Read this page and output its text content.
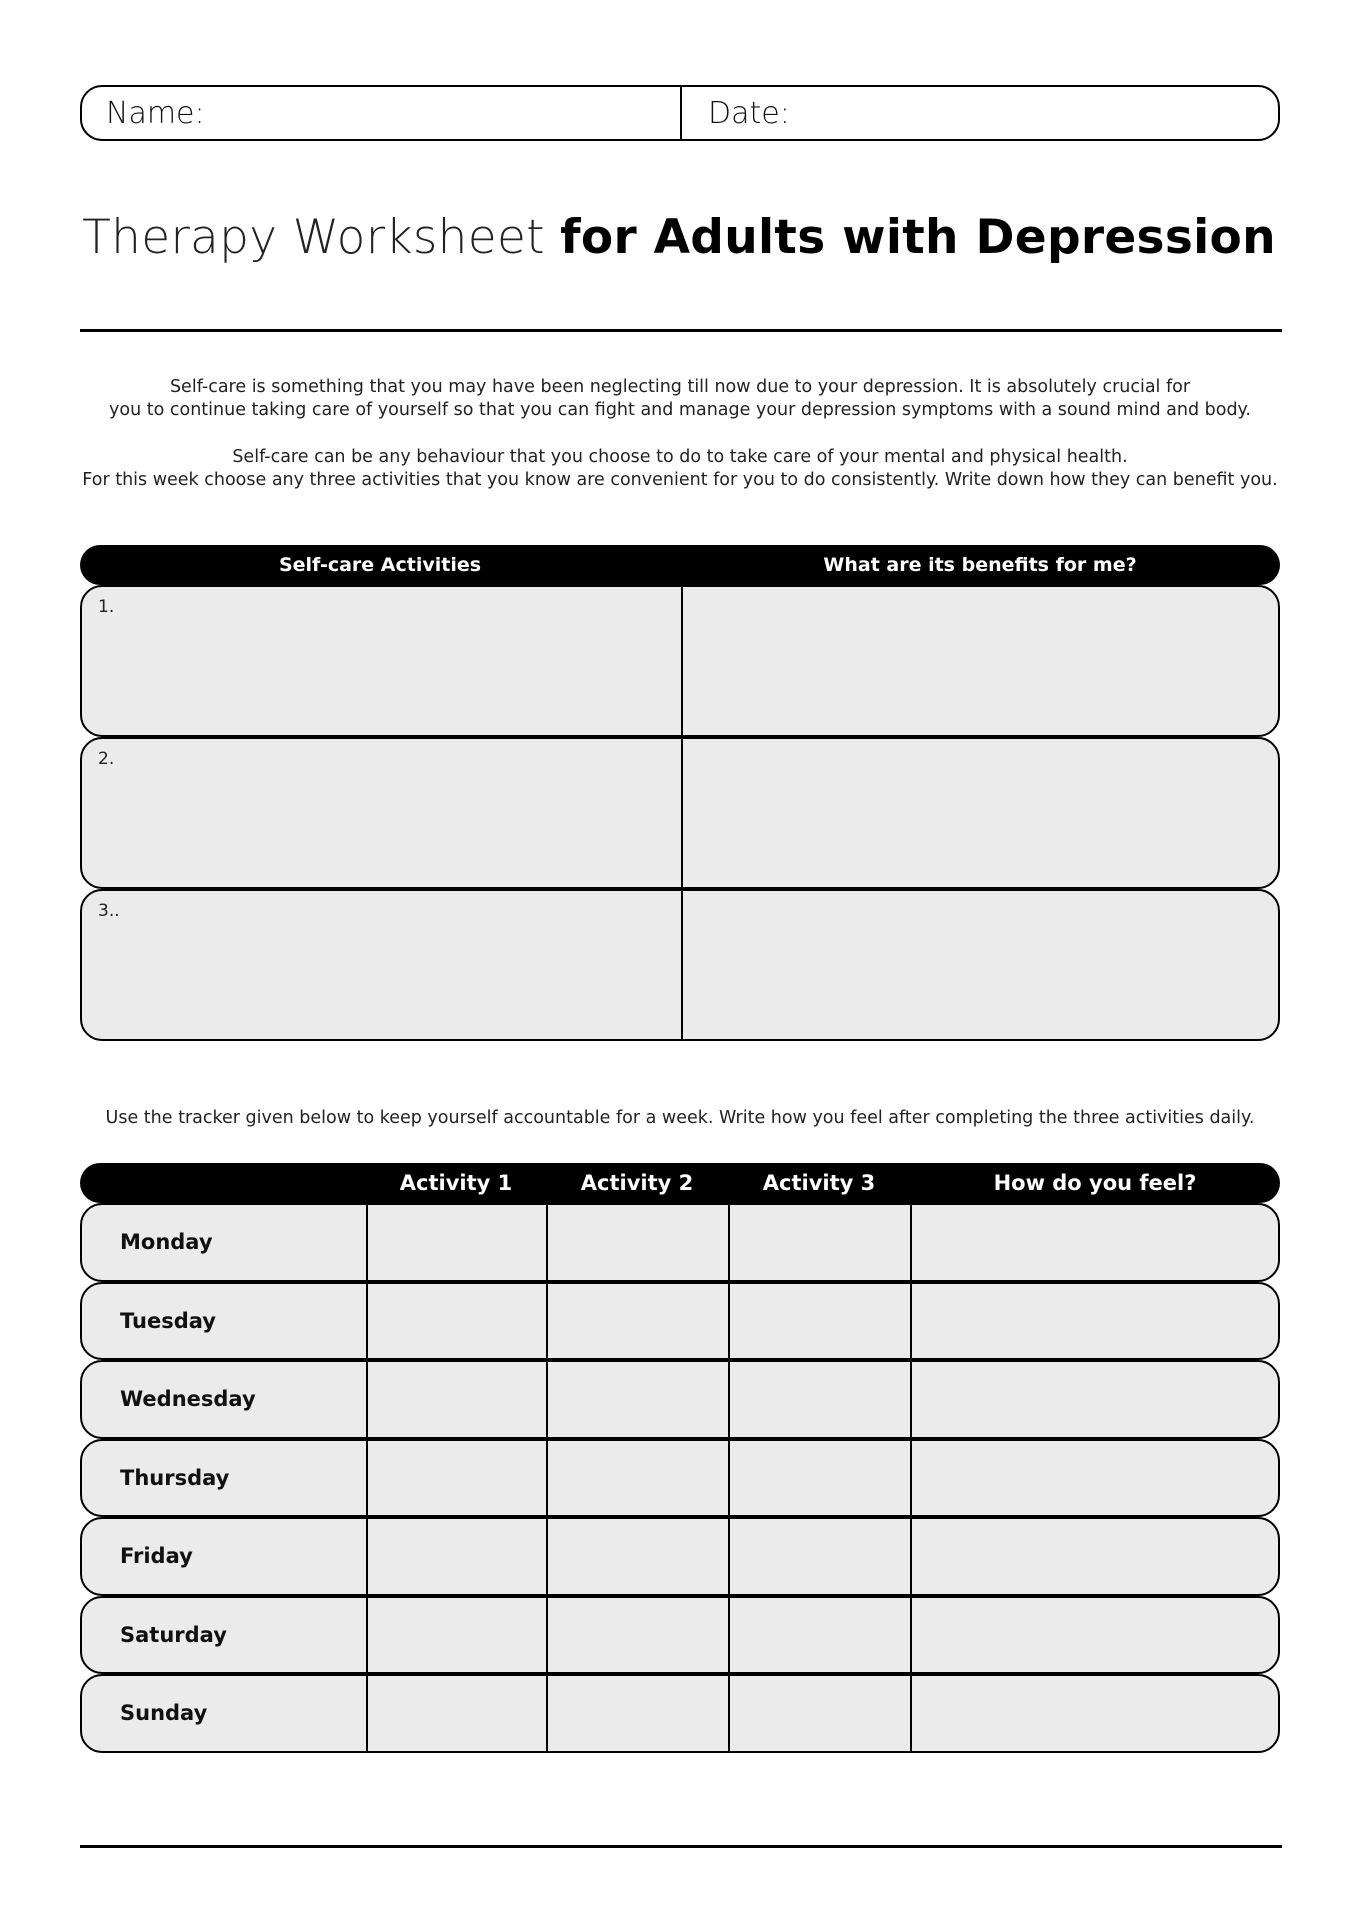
Name:	Date:
Therapy Worksheet for Adults with Depression
Self-care is something that you may have been neglecting till now due to your depression. It is absolutely crucial for
you to continue taking care of yourself so that you can fight and manage your depression symptoms with a sound mind and body.
Self-care can be any behaviour that you choose to do to take care of your mental and physical health.
For this week choose any three activities that you know are convenient for you to do consistently. Write down how they can benefit you.
Self-care Activities	What are its benefits for me?
1.
2.
3..
Use the tracker given below to keep yourself accountable for a week. Write how you feel after completing the three activities daily.
Activity 1	Activity 2	Activity 3	How do you feel?
Monday
Tuesday
Wednesday
Thursday
Friday
Saturday
Sunday
